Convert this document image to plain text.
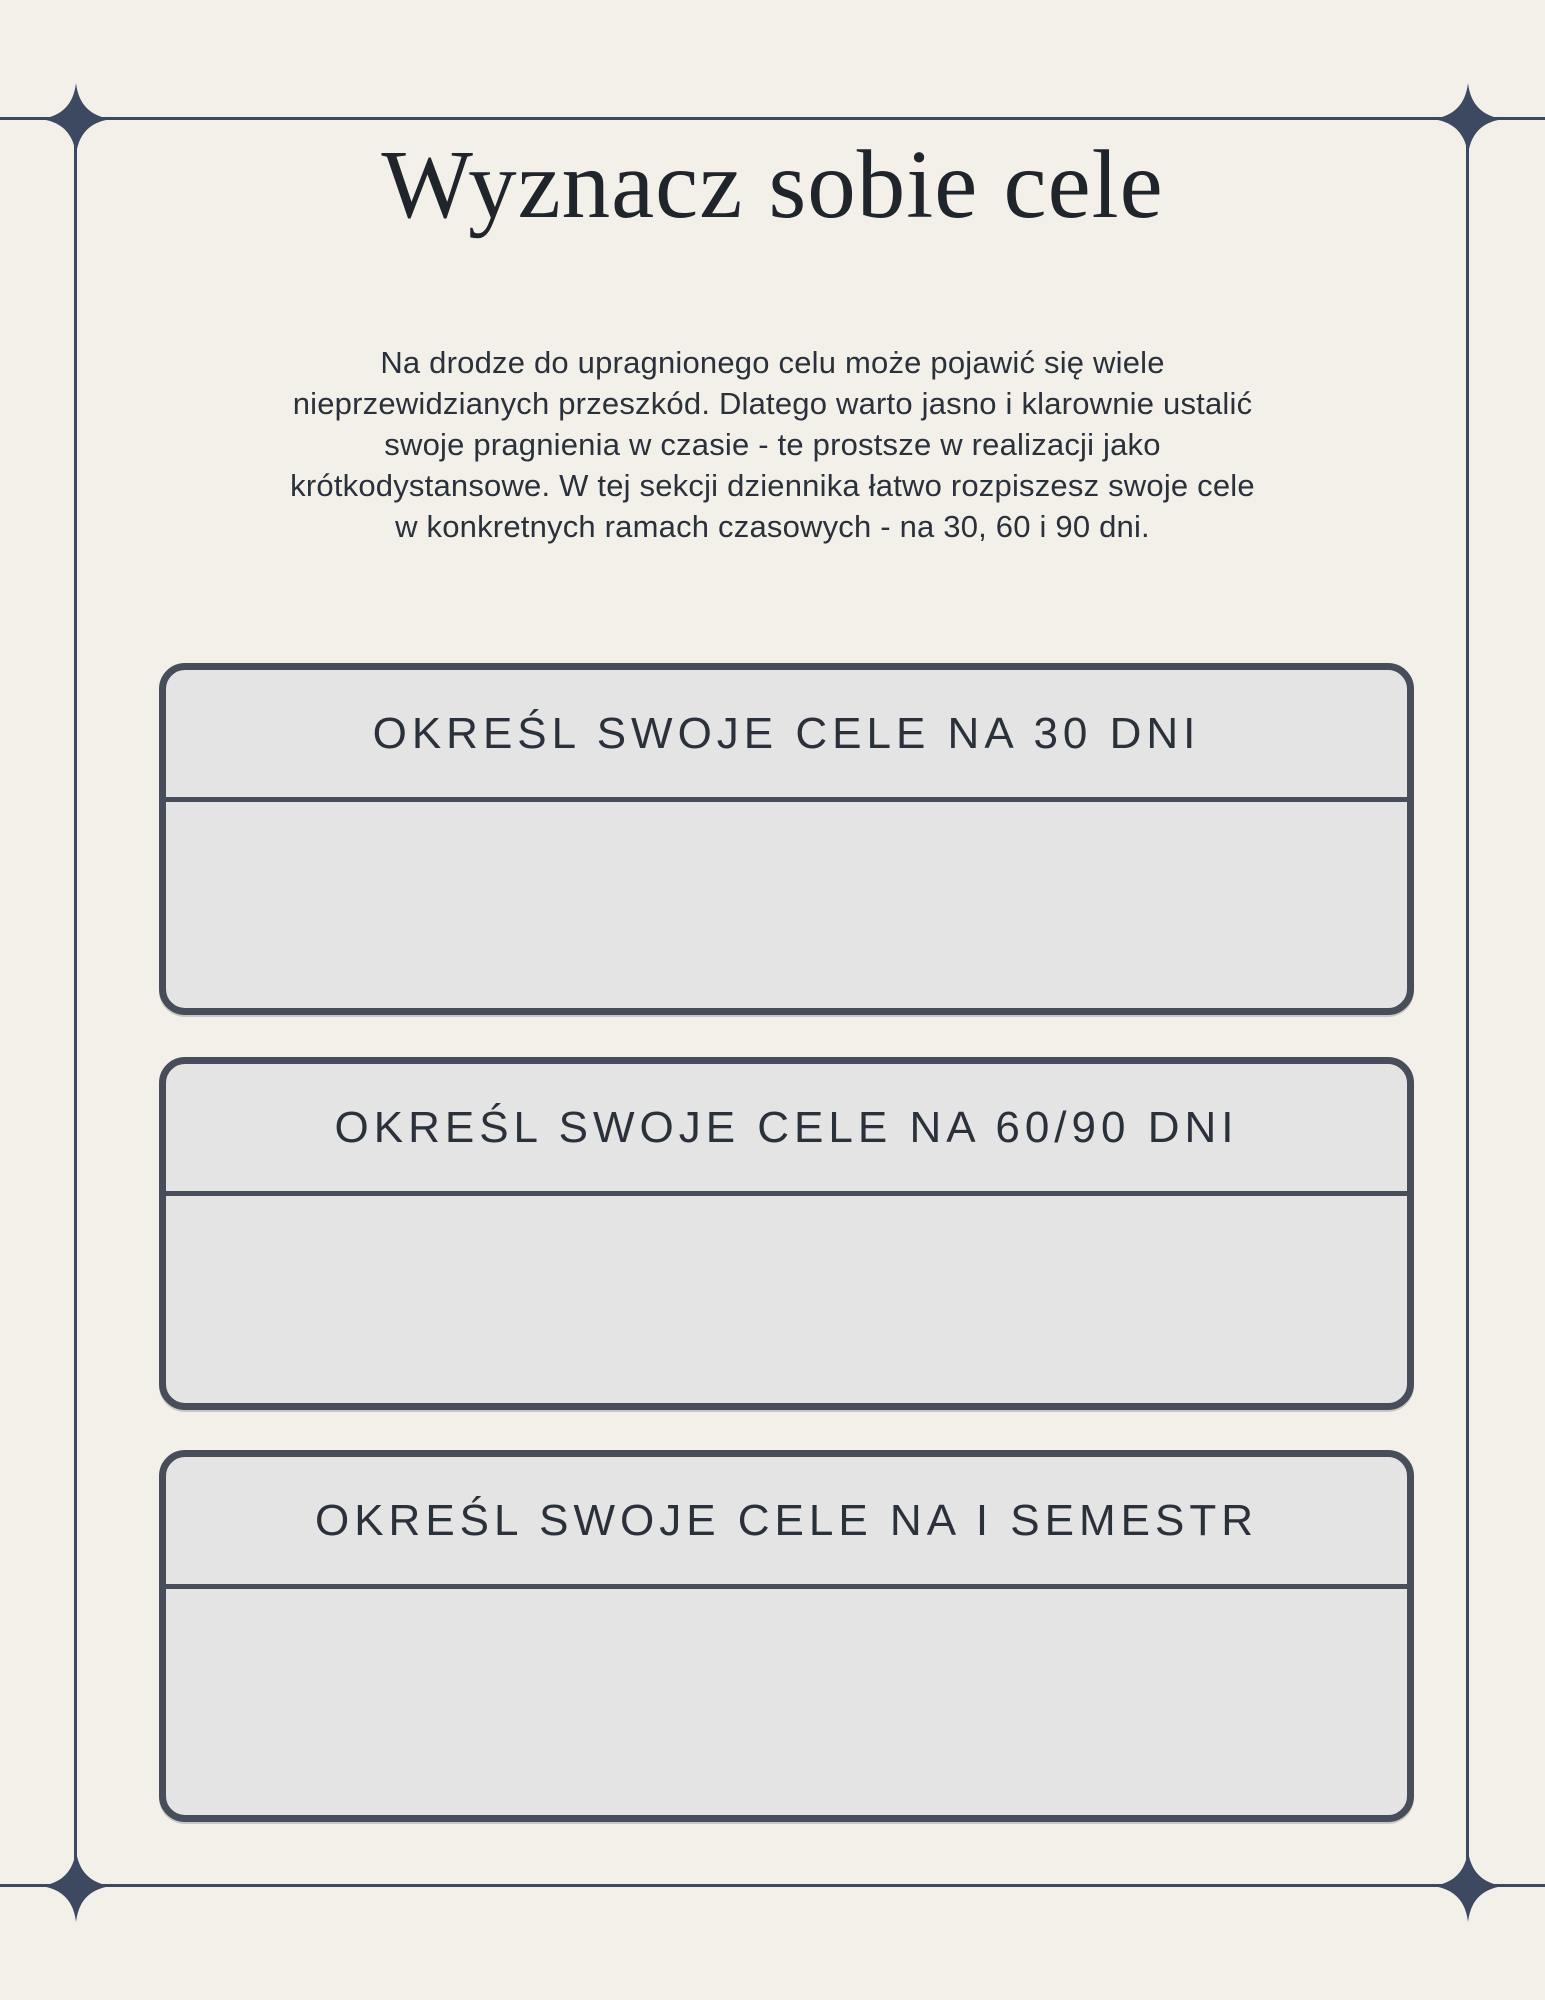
Wyznacz sobie cele
Na drodze do upragnionego celu może pojawić się wiele
nieprzewidzianych przeszkód. Dlatego warto jasno i klarownie ustalić
swoje pragnienia w czasie - te prostsze w realizacji jako
krótkodystansowe. W tej sekcji dziennika łatwo rozpiszesz swoje cele
w konkretnych ramach czasowych - na 30, 60 i 90 dni.
OKREŚL SWOJE CELE NA 30 DNI
OKREŚL SWOJE CELE NA 60/90 DNI
OKREŚL SWOJE CELE NA I SEMESTR
